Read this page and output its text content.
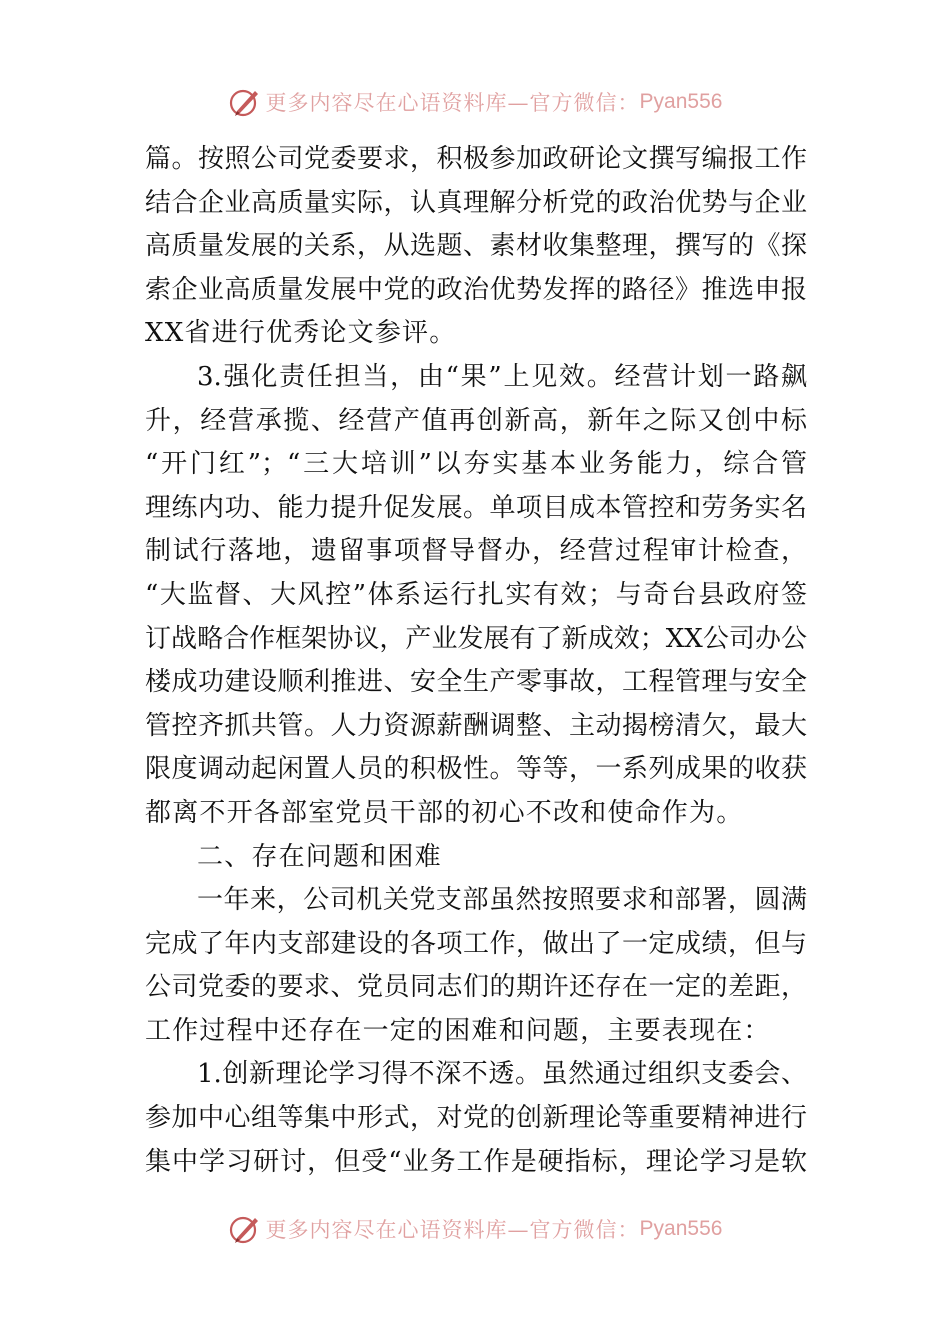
更多内容尽在心语资料库—官方微信： Pyan556
篇。按照公司党委要求，积极参加政研论文撰写编报工作
结合企业高质量实际，认真理解分析党的政治优势与企业
高质量发展的关系，从选题、素材收集整理，撰写的《探
索企业高质量发展中党的政治优势发挥的路径》推选申报
XX省进行优秀论文参评。
3.强化责任担当，由“果”上见效。经营计划一路飙
升，经营承揽、经营产值再创新高，新年之际又创中标
“开门红”；“三大培训”以夯实基本业务能力，综合管
理练内功、能力提升促发展。单项目成本管控和劳务实名
制试行落地，遗留事项督导督办，经营过程审计检查，
“大监督、大风控”体系运行扎实有效；与奇台县政府签
订战略合作框架协议，产业发展有了新成效；XX公司办公
楼成功建设顺利推进、安全生产零事故，工程管理与安全
管控齐抓共管。人力资源薪酬调整、主动揭榜清欠，最大
限度调动起闲置人员的积极性。等等，一系列成果的收获
都离不开各部室党员干部的初心不改和使命作为。
二、存在问题和困难
一年来，公司机关党支部虽然按照要求和部署，圆满
完成了年内支部建设的各项工作，做出了一定成绩，但与
公司党委的要求、党员同志们的期许还存在一定的差距，
工作过程中还存在一定的困难和问题，主要表现在：
1.创新理论学习得不深不透。虽然通过组织支委会、
参加中心组等集中形式，对党的创新理论等重要精神进行
集中学习研讨，但受“业务工作是硬指标，理论学习是软
更多内容尽在心语资料库—官方微信： Pyan556
